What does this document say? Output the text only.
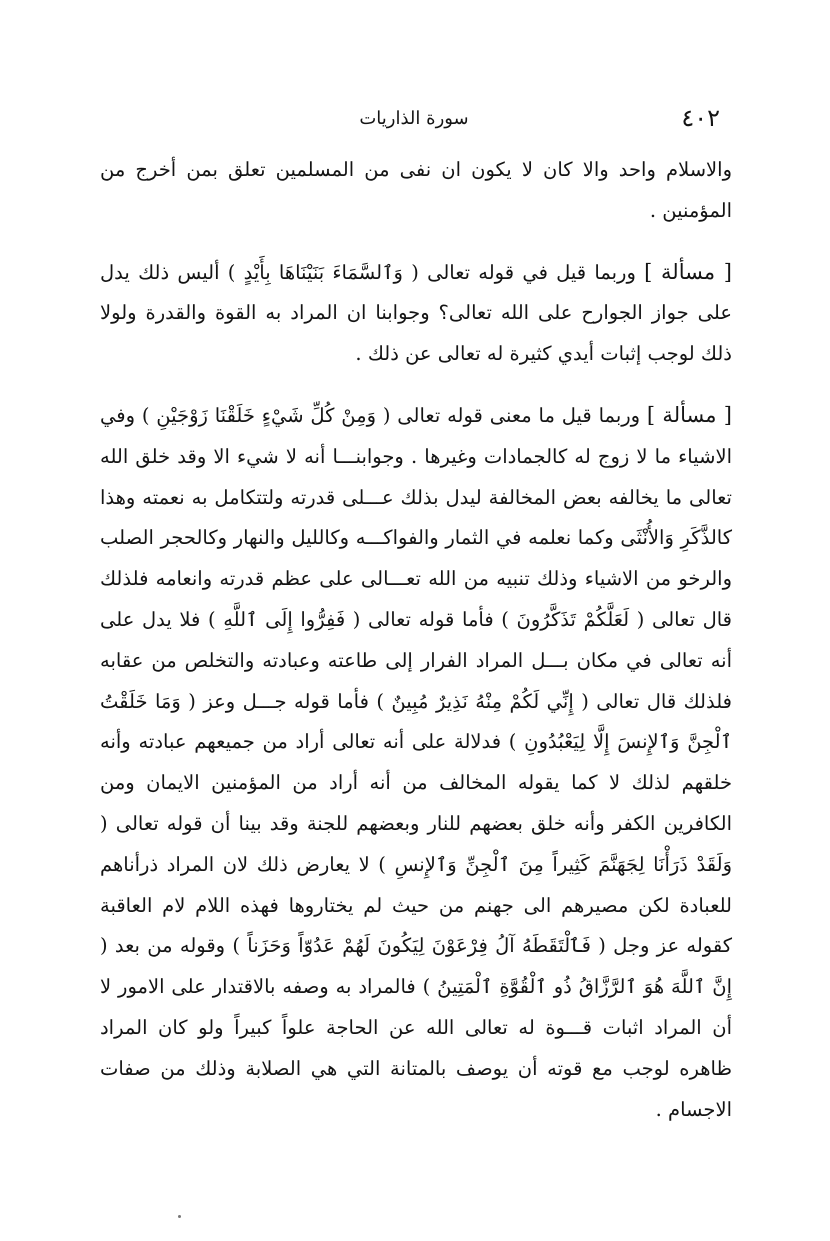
٤٠٢
سورة الذاريات

والاسلام واحد والا كان لا يكون ان نفى من المسلمين تعلق بمن أخرج من المؤمنين .

[ مسألة ] وربما قيل في قوله تعالى ( وَٱلسَّمَاءَ بَنَيْنَاهَا بِأَيْدٍ ) أليس ذلك يدل على جواز الجوارح على الله تعالى؟ وجوابنا ان المراد به القوة والقدرة ولولا ذلك لوجب إثبات أيدي كثيرة له تعالى عن ذلك .

[ مسألة ] وربما قيل ما معنى قوله تعالى ( وَمِنْ كُلِّ شَيْءٍ خَلَقْنَا زَوْجَيْنِ ) وفي الاشياء ما لا زوج له كالجمادات وغيرها . وجوابنـــا أنه لا شيء الا وقد خلق الله تعالى ما يخالفه بعض المخالفة ليدل بذلك عـــلى قدرته ولتتكامل به نعمته وهذا كالذَّكَرِ وَالأُنْثَى وكما نعلمه في الثمار والفواكـــه وكالليل والنهار وكالحجر الصلب والرخو من الاشياء وذلك تنبيه من الله تعـــالى على عظم قدرته وانعامه فلذلك قال تعالى ( لَعَلَّكُمْ تَذَكَّرُونَ ) فأما قوله تعالى ( فَفِرُّوا إِلَى ٱللَّهِ ) فلا يدل على أنه تعالى في مكان بـــل المراد الفرار إلى طاعته وعبادته والتخلص من عقابه فلذلك قال تعالى ( إِنِّي لَكُمْ مِنْهُ نَذِيرٌ مُبِينٌ ) فأما قوله جـــل وعز ( وَمَا خَلَقْتُ ٱلْجِنَّ وَٱلإِنسَ إِلَّا لِيَعْبُدُونِ ) فدلالة على أنه تعالى أراد من جميعهم عبادته وأنه خلقهم لذلك لا كما يقوله المخالف من أنه أراد من المؤمنين الايمان ومن الكافرين الكفر وأنه خلق بعضهم للنار وبعضهم للجنة وقد بينا أن قوله تعالى ( وَلَقَدْ ذَرَأْنَا لِجَهَنَّمَ كَثِيراً مِنَ ٱلْجِنِّ وَٱلإِنسِ ) لا يعارض ذلك لان المراد ذرأناهم للعبادة لكن مصيرهم الى جهنم من حيث لم يختاروها فهذه اللام لام العاقبة كقوله عز وجل ( فَٱلْتَقَطَهُ آلُ فِرْعَوْنَ لِيَكُونَ لَهُمْ عَدُوّاً وَحَزَناً ) وقوله من بعد ( إِنَّ ٱللَّهَ هُوَ ٱلرَّزَّاقُ ذُو ٱلْقُوَّةِ ٱلْمَتِينُ ) فالمراد به وصفه بالاقتدار على الامور لا أن المراد اثبات قـــوة له تعالى الله عن الحاجة علواً كبيراً ولو كان المراد ظاهره لوجب مع قوته أن يوصف بالمتانة التي هي الصلابة وذلك من صفات الاجسام .
